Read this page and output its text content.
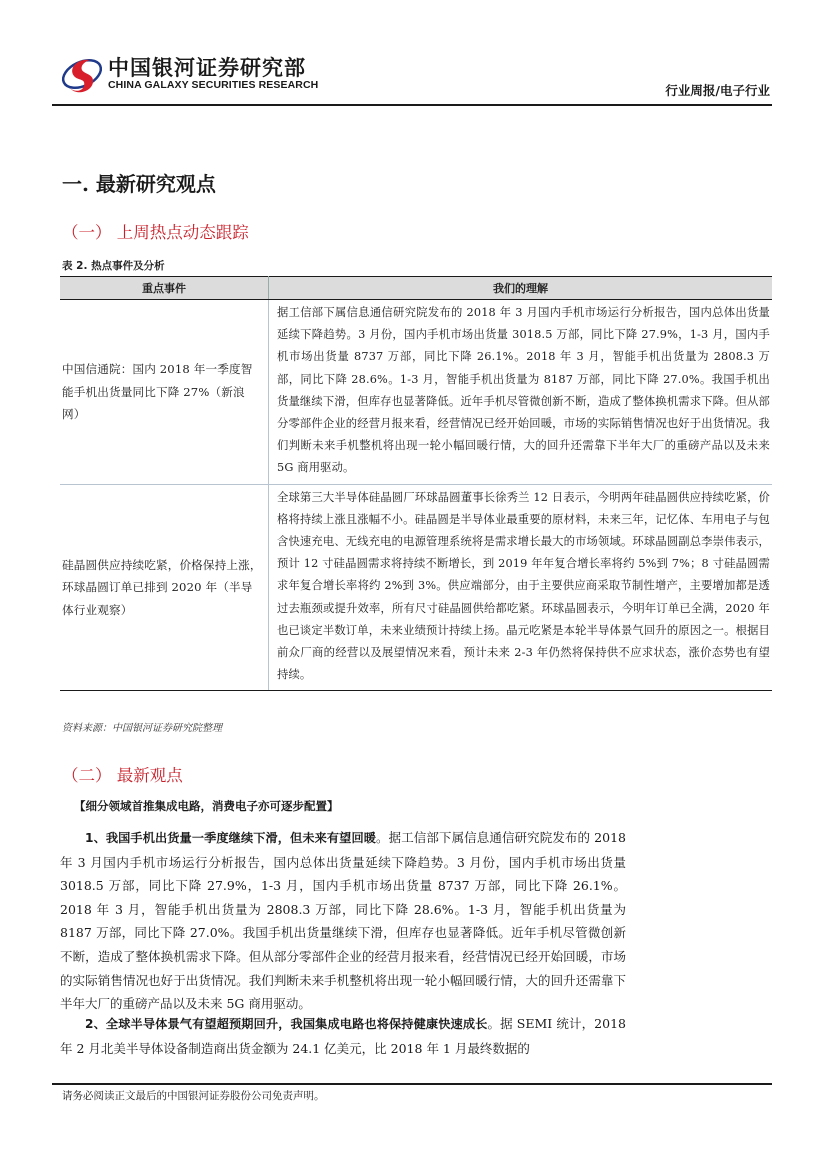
中国银河证券研究部
CHINA GALAXY SECURITIES RESEARCH	行业周报/电子行业
一. 最新研究观点
（一） 上周热点动态跟踪
表 2. 热点事件及分析
重点事件	我们的理解
中国信通院：国内 2018 年一季度智能手机出货量同比下降 27%（新浪网）	据工信部下属信息通信研究院发布的 2018 年 3 月国内手机市场运行分析报告，国内总体出货量延续下降趋势。3 月份，国内手机市场出货量 3018.5 万部，同比下降 27.9%，1-3 月，国内手机市场出货量 8737 万部，同比下降 26.1%。2018 年 3 月，智能手机出货量为 2808.3 万部，同比下降 28.6%。1-3 月，智能手机出货量为 8187 万部，同比下降 27.0%。我国手机出货量继续下滑，但库存也显著降低。近年手机尽管微创新不断，造成了整体换机需求下降。但从部分零部件企业的经营月报来看，经营情况已经开始回暖，市场的实际销售情况也好于出货情况。我们判断未来手机整机将出现一轮小幅回暖行情，大的回升还需靠下半年大厂的重磅产品以及未来 5G 商用驱动。
硅晶圆供应持续吃紧，价格保持上涨，环球晶圆订单已排到 2020 年（半导体行业观察）	全球第三大半导体硅晶圆厂环球晶圆董事长徐秀兰 12 日表示，今明两年硅晶圆供应持续吃紧，价格将持续上涨且涨幅不小。硅晶圆是半导体业最重要的原材料，未来三年，记忆体、车用电子与包含快速充电、无线充电的电源管理系统将是需求增长最大的市场领域。环球晶圆副总李崇伟表示，预计 12 寸硅晶圆需求将持续不断增长，到 2019 年年复合增长率将约 5%到 7%；8 寸硅晶圆需求年复合增长率将约 2%到 3%。供应端部分，由于主要供应商采取节制性增产，主要增加都是透过去瓶颈或提升效率，所有尺寸硅晶圆供给都吃紧。环球晶圆表示，今明年订单已全满，2020 年也已谈定半数订单，未来业绩预计持续上扬。晶元吃紧是本轮半导体景气回升的原因之一。根据目前众厂商的经营以及展望情况来看，预计未来 2-3 年仍然将保持供不应求状态，涨价态势也有望持续。
资料来源：中国银河证券研究院整理
（二） 最新观点
【细分领域首推集成电路，消费电子亦可逐步配置】
1、我国手机出货量一季度继续下滑，但未来有望回暖。据工信部下属信息通信研究院发布的 2018 年 3 月国内手机市场运行分析报告，国内总体出货量延续下降趋势。3 月份，国内手机市场出货量 3018.5 万部，同比下降 27.9%，1-3 月，国内手机市场出货量 8737 万部，同比下降 26.1%。2018 年 3 月，智能手机出货量为 2808.3 万部，同比下降 28.6%。1-3 月，智能手机出货量为 8187 万部，同比下降 27.0%。我国手机出货量继续下滑，但库存也显著降低。近年手机尽管微创新不断，造成了整体换机需求下降。但从部分零部件企业的经营月报来看，经营情况已经开始回暖，市场的实际销售情况也好于出货情况。我们判断未来手机整机将出现一轮小幅回暖行情，大的回升还需靠下半年大厂的重磅产品以及未来 5G 商用驱动。
2、全球半导体景气有望超预期回升，我国集成电路也将保持健康快速成长。据 SEMI 统计，2018 年 2 月北美半导体设备制造商出货金额为 24.1 亿美元，比 2018 年 1 月最终数据的
请务必阅读正文最后的中国银河证券股份公司免责声明。
